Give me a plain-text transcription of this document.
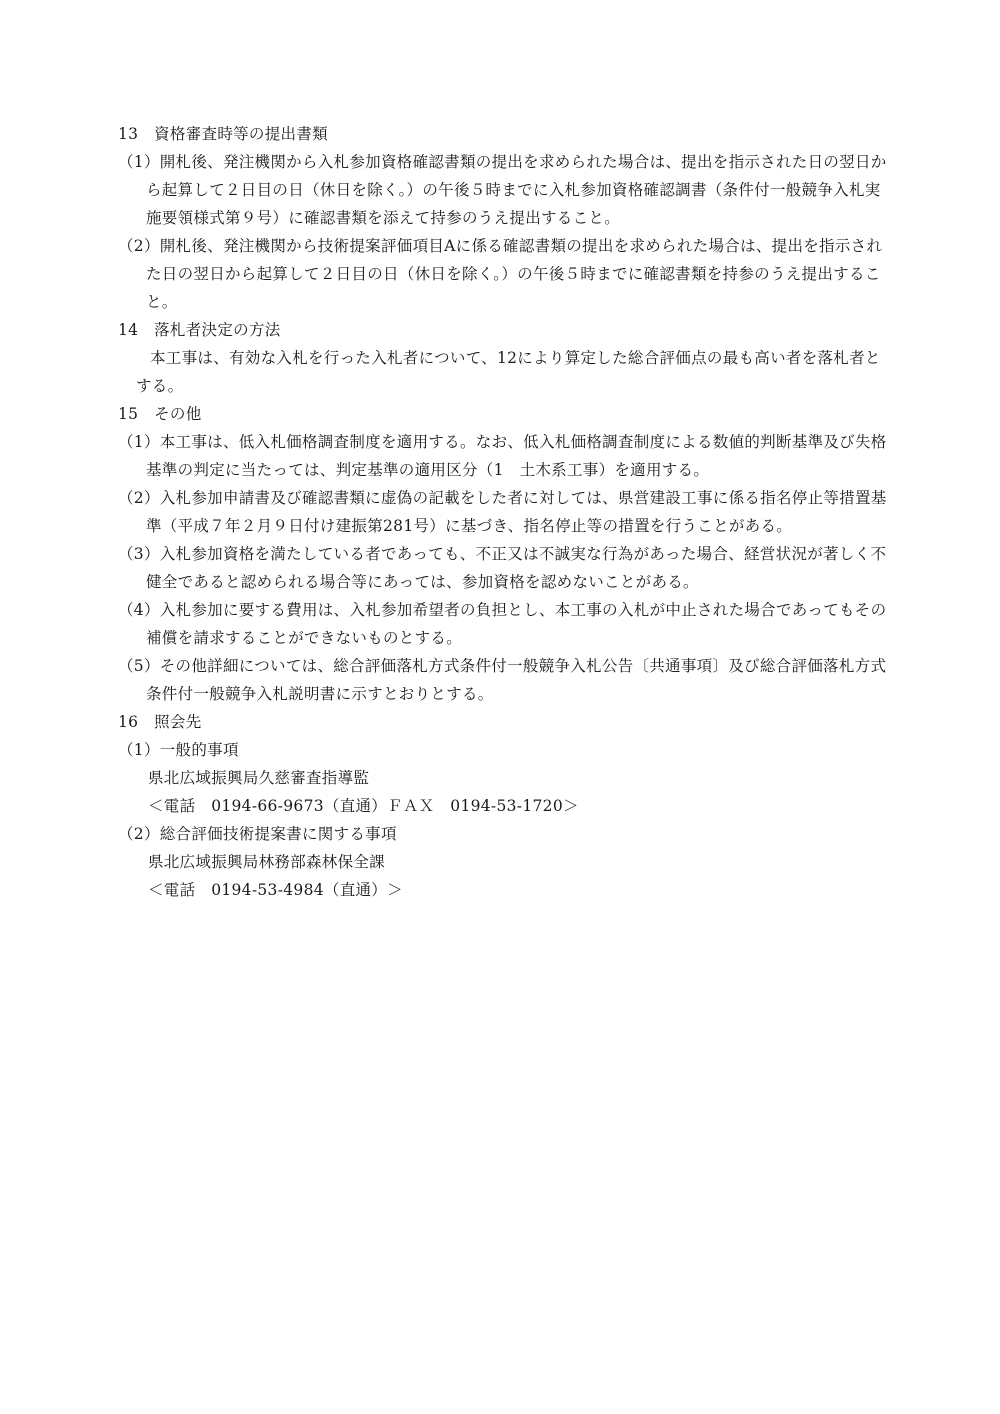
13　資格審査時等の提出書類

（1）開札後、発注機関から入札参加資格確認書類の提出を求められた場合は、提出を指示された日の翌日から起算して２日目の日（休日を除く。）の午後５時までに入札参加資格確認調書（条件付一般競争入札実施要領様式第９号）に確認書類を添えて持参のうえ提出すること。

（2）開札後、発注機関から技術提案評価項目Aに係る確認書類の提出を求められた場合は、提出を指示された日の翌日から起算して２日目の日（休日を除く。）の午後５時までに確認書類を持参のうえ提出すること。

14　落札者決定の方法

本工事は、有効な入札を行った入札者について、12により算定した総合評価点の最も高い者を落札者とする。

15　その他

（1）本工事は、低入札価格調査制度を適用する。なお、低入札価格調査制度による数値的判断基準及び失格基準の判定に当たっては、判定基準の適用区分（1　土木系工事）を適用する。

（2）入札参加申請書及び確認書類に虚偽の記載をした者に対しては、県営建設工事に係る指名停止等措置基準（平成７年２月９日付け建振第281号）に基づき、指名停止等の措置を行うことがある。

（3）入札参加資格を満たしている者であっても、不正又は不誠実な行為があった場合、経営状況が著しく不健全であると認められる場合等にあっては、参加資格を認めないことがある。

（4）入札参加に要する費用は、入札参加希望者の負担とし、本工事の入札が中止された場合であってもその補償を請求することができないものとする。

（5）その他詳細については、総合評価落札方式条件付一般競争入札公告〔共通事項〕及び総合評価落札方式条件付一般競争入札説明書に示すとおりとする。

16　照会先

（1）一般的事項

県北広域振興局久慈審査指導監

＜電話　0194-66-9673（直通）ＦＡＸ　0194-53-1720＞

（2）総合評価技術提案書に関する事項

県北広域振興局林務部森林保全課

＜電話　0194-53-4984（直通）＞
